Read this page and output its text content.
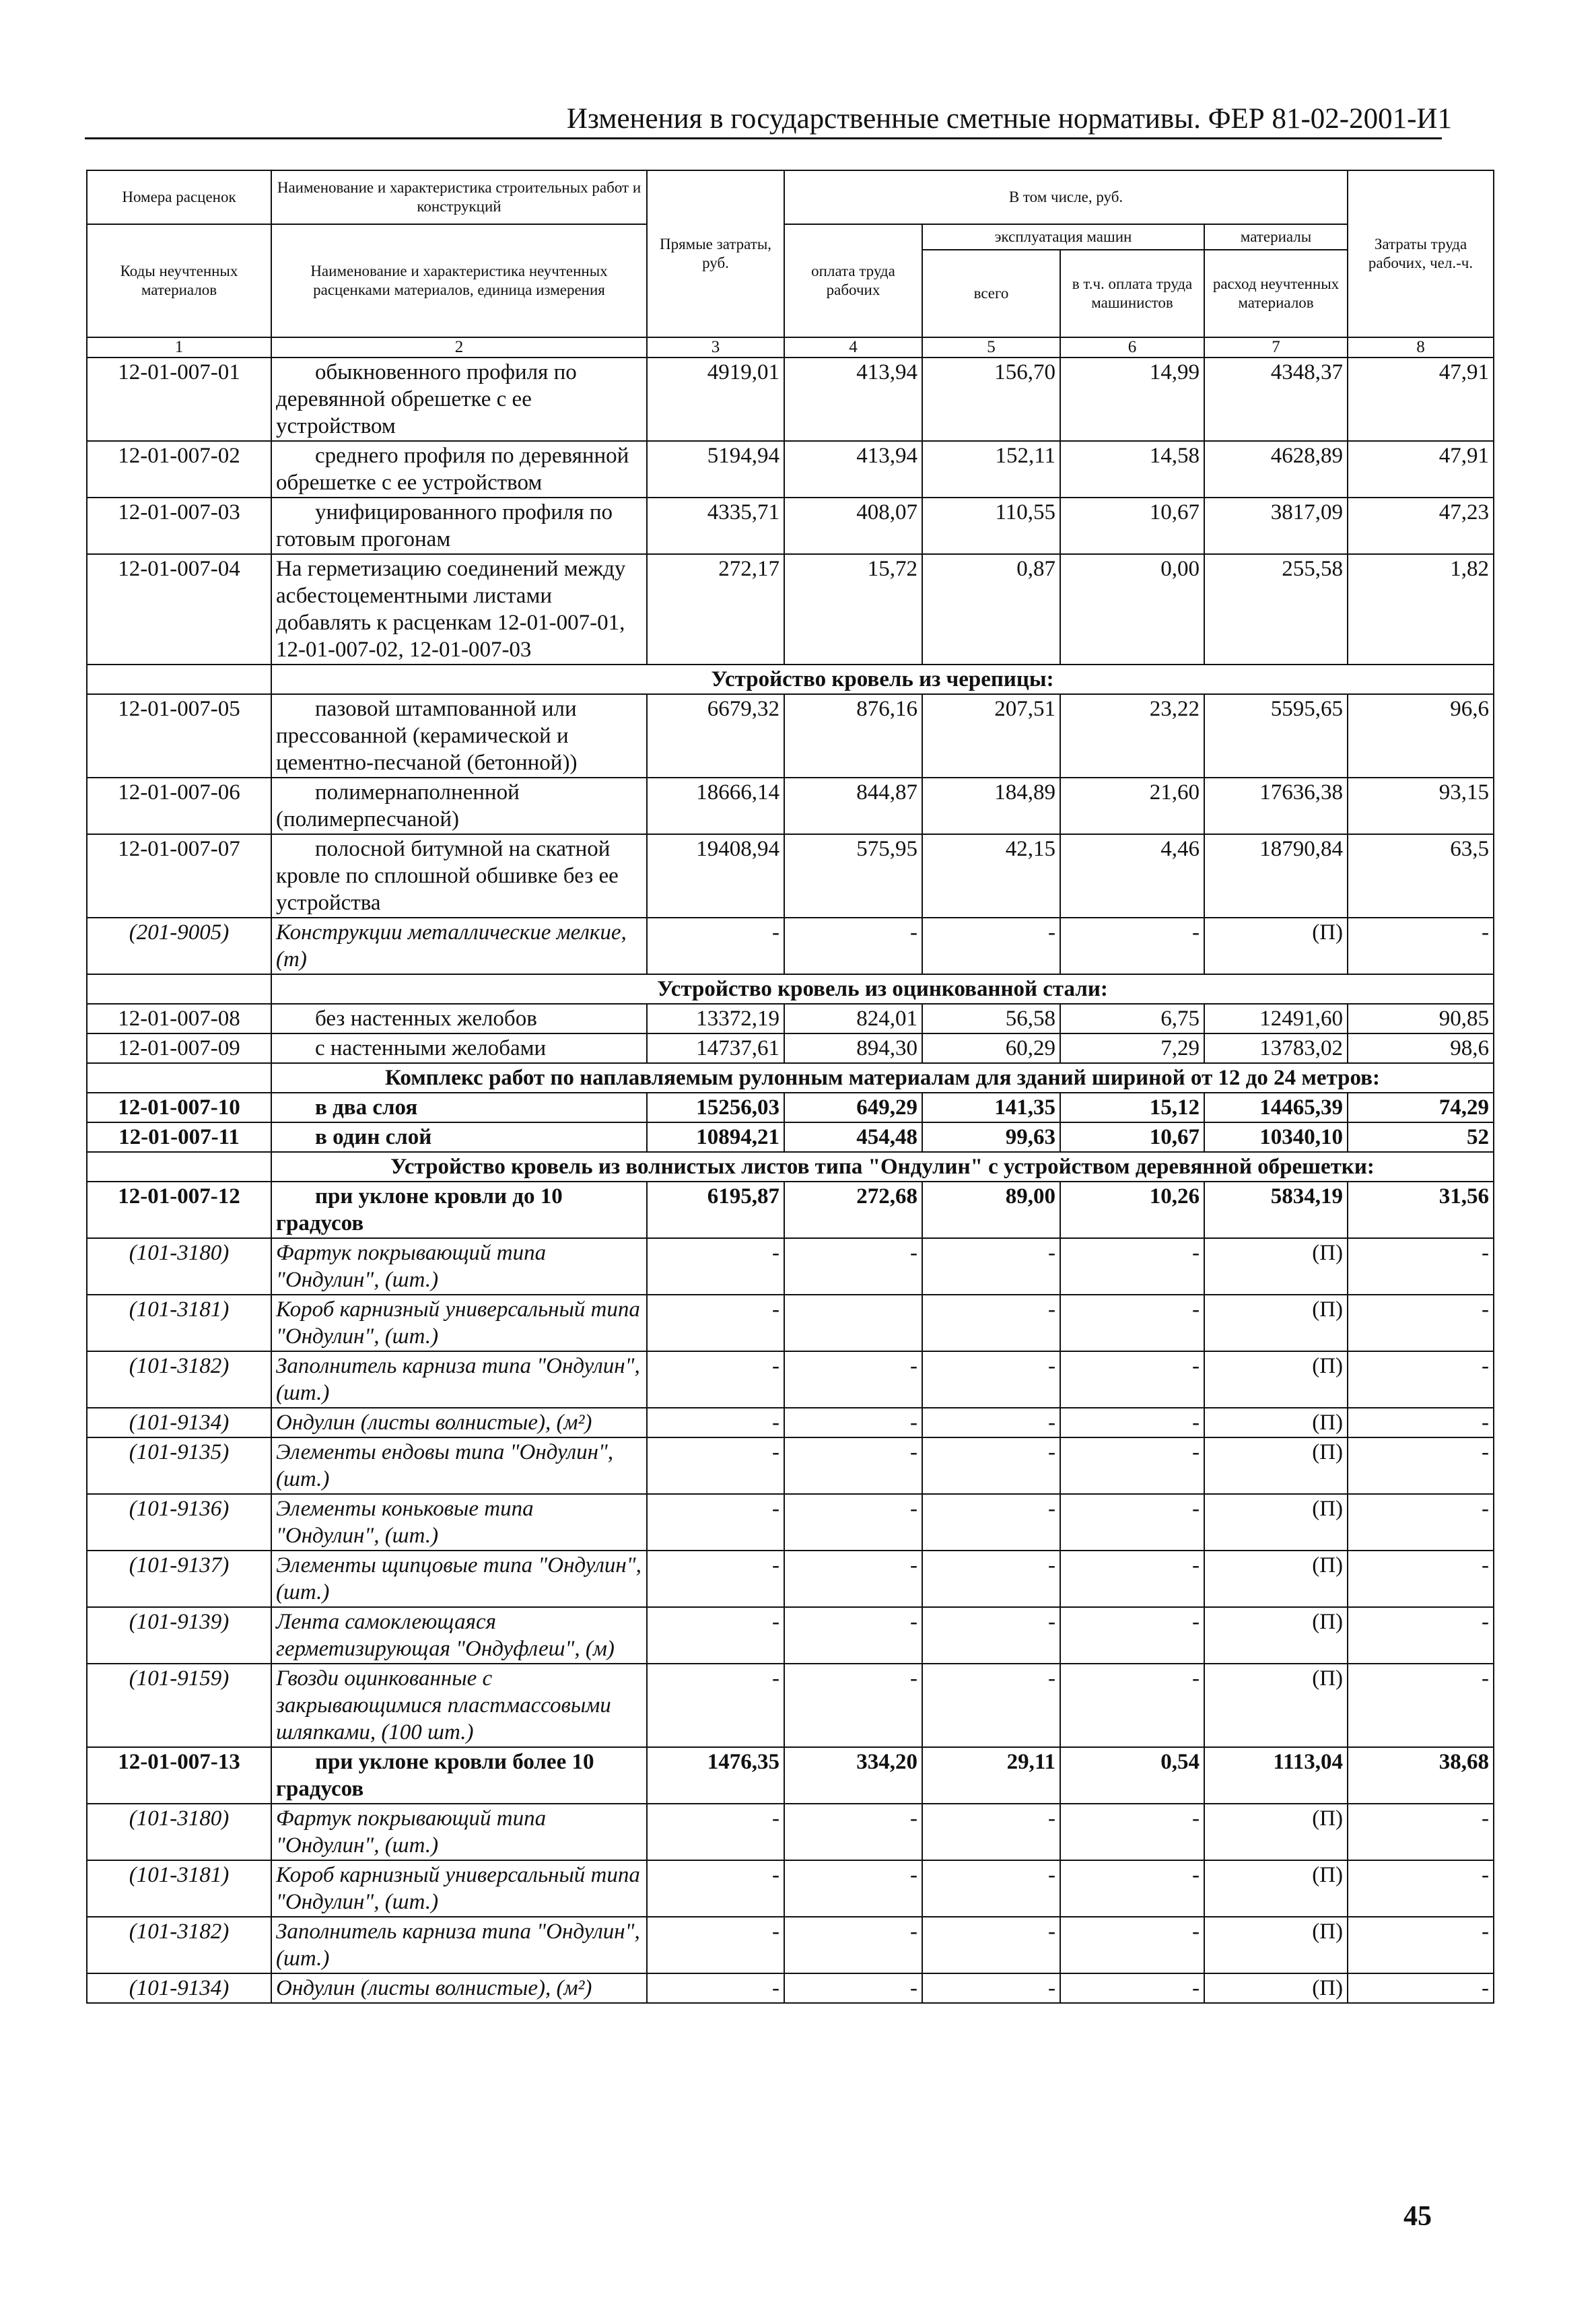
Изменения в государственные сметные нормативы. ФЕР 81-02-2001-И1
Номера расценок	Наименование и характеристика строительных работ и конструкций	Прямые затраты, руб.	В том числе, руб.				Затраты труда рабочих, чел.-ч.
Коды неучтенных материалов	Наименование и характеристика неучтенных расценками материалов, единица измерения		оплата труда рабочих	эксплуатация машин		материалы	
				всего	в т.ч. оплата труда машинистов	расход неучтенных материалов	
1	2	3	4	5	6	7	8
12-01-007-01	обыкновенного профиля по деревянной обрешетке с ее устройством	4919,01	413,94	156,70	14,99	4348,37	47,91
12-01-007-02	среднего профиля по деревянной обрешетке с ее устройством	5194,94	413,94	152,11	14,58	4628,89	47,91
12-01-007-03	унифицированного профиля по готовым прогонам	4335,71	408,07	110,55	10,67	3817,09	47,23
12-01-007-04	На герметизацию соединений между асбестоцементными листами добавлять к расценкам 12-01-007-01, 12-01-007-02, 12-01-007-03	272,17	15,72	0,87	0,00	255,58	1,82
	Устройство кровель из черепицы:						
12-01-007-05	пазовой штампованной или прессованной (керамической и цементно-песчаной (бетонной))	6679,32	876,16	207,51	23,22	5595,65	96,6
12-01-007-06	полимернаполненной (полимерпесчаной)	18666,14	844,87	184,89	21,60	17636,38	93,15
12-01-007-07	полосной битумной на скатной кровле по сплошной обшивке без ее устройства	19408,94	575,95	42,15	4,46	18790,84	63,5
(201-9005)	Конструкции металлические мелкие, (т)	-	-	-	-	(П)	-
	Устройство кровель из оцинкованной стали:						
12-01-007-08	без настенных желобов	13372,19	824,01	56,58	6,75	12491,60	90,85
12-01-007-09	с настенными желобами	14737,61	894,30	60,29	7,29	13783,02	98,6
	Комплекс работ по наплавляемым рулонным материалам для зданий шириной от 12 до 24 метров:						
12-01-007-10	в два слоя	15256,03	649,29	141,35	15,12	14465,39	74,29
12-01-007-11	в один слой	10894,21	454,48	99,63	10,67	10340,10	52
	Устройство кровель из волнистых листов типа "Ондулин" с устройством деревянной обрешетки:						
12-01-007-12	при уклоне кровли до 10 градусов	6195,87	272,68	89,00	10,26	5834,19	31,56
(101-3180)	Фартук покрывающий типа "Ондулин", (шт.)	-	-	-	-	(П)	-
(101-3181)	Короб карнизный универсальный типа "Ондулин", (шт.)	-		-	-	(П)	-
(101-3182)	Заполнитель карниза типа "Ондулин", (шт.)	-	-	-	-	(П)	-
(101-9134)	Ондулин (листы волнистые), (м²)	-	-	-	-	(П)	-
(101-9135)	Элементы ендовы типа "Ондулин", (шт.)	-	-	-	-	(П)	-
(101-9136)	Элементы коньковые типа "Ондулин", (шт.)	-	-	-	-	(П)	-
(101-9137)	Элементы щипцовые типа "Ондулин", (шт.)	-	-	-	-	(П)	-
(101-9139)	Лента самоклеющаяся герметизирующая "Ондуфлеш", (м)	-	-	-	-	(П)	-
(101-9159)	Гвозди оцинкованные с закрывающимися пластмассовыми шляпками, (100 шт.)	-	-	-	-	(П)	-
12-01-007-13	при уклоне кровли более 10 градусов	1476,35	334,20	29,11	0,54	1113,04	38,68
(101-3180)	Фартук покрывающий типа "Ондулин", (шт.)	-	-	-	-	(П)	-
(101-3181)	Короб карнизный универсальный типа "Ондулин", (шт.)	-	-	-	-	(П)	-
(101-3182)	Заполнитель карниза типа "Ондулин", (шт.)	-	-	-	-	(П)	-
(101-9134)	Ондулин (листы волнистые), (м²)	-	-	-	-	(П)	-
45
